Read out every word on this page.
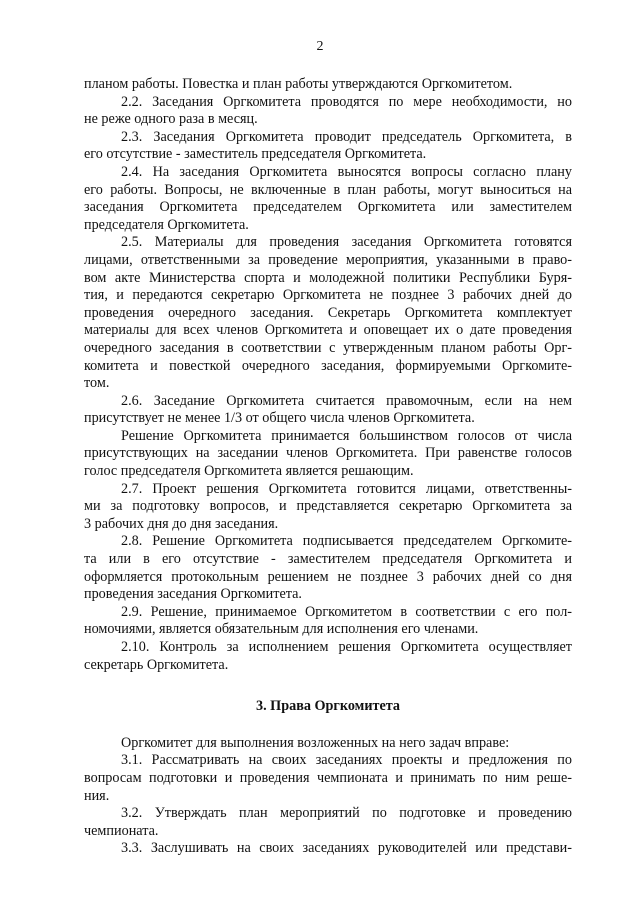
2
планом работы. Повестка и план работы утверждаются Оргкомитетом.
2.2. Заседания Оргкомитета проводятся по мере необходимости, но
не реже одного раза в месяц.
2.3. Заседания Оргкомитета проводит председатель Оргкомитета, в
его отсутствие - заместитель председателя Оргкомитета.
2.4. На заседания Оргкомитета выносятся вопросы согласно плану
его работы. Вопросы, не включенные в план работы, могут выноситься на
заседания Оргкомитета председателем Оргкомитета или заместителем
председателя Оргкомитета.
2.5. Материалы для проведения заседания Оргкомитета готовятся
лицами, ответственными за проведение мероприятия, указанными в право-
вом акте Министерства спорта и молодежной политики Республики Буря-
тия, и передаются секретарю Оргкомитета не позднее 3 рабочих дней до
проведения очередного заседания. Секретарь Оргкомитета комплектует
материалы для всех членов Оргкомитета и оповещает их о дате проведения
очередного заседания в соответствии с утвержденным планом работы Орг-
комитета и повесткой очередного заседания, формируемыми Оргкомите-
том.
2.6. Заседание Оргкомитета считается правомочным, если на нем
присутствует не менее 1/3 от общего числа членов Оргкомитета.
Решение Оргкомитета принимается большинством голосов от числа
присутствующих на заседании членов Оргкомитета. При равенстве голосов
голос председателя Оргкомитета является решающим.
2.7. Проект решения Оргкомитета готовится лицами, ответственны-
ми за подготовку вопросов, и представляется секретарю Оргкомитета за
3 рабочих дня до дня заседания.
2.8. Решение Оргкомитета подписывается председателем Оргкомите-
та или в его отсутствие - заместителем председателя Оргкомитета и
оформляется протокольным решением не позднее 3 рабочих дней со дня
проведения заседания Оргкомитета.
2.9. Решение, принимаемое Оргкомитетом в соответствии с его пол-
номочиями, является обязательным для исполнения его членами.
2.10. Контроль за исполнением решения Оргкомитета осуществляет
секретарь Оргкомитета.
3. Права Оргкомитета
Оргкомитет для выполнения возложенных на него задач вправе:
3.1. Рассматривать на своих заседаниях проекты и предложения по
вопросам подготовки и проведения чемпионата и принимать по ним реше-
ния.
3.2. Утверждать план мероприятий по подготовке и проведению
чемпионата.
3.3. Заслушивать на своих заседаниях руководителей или представи-
